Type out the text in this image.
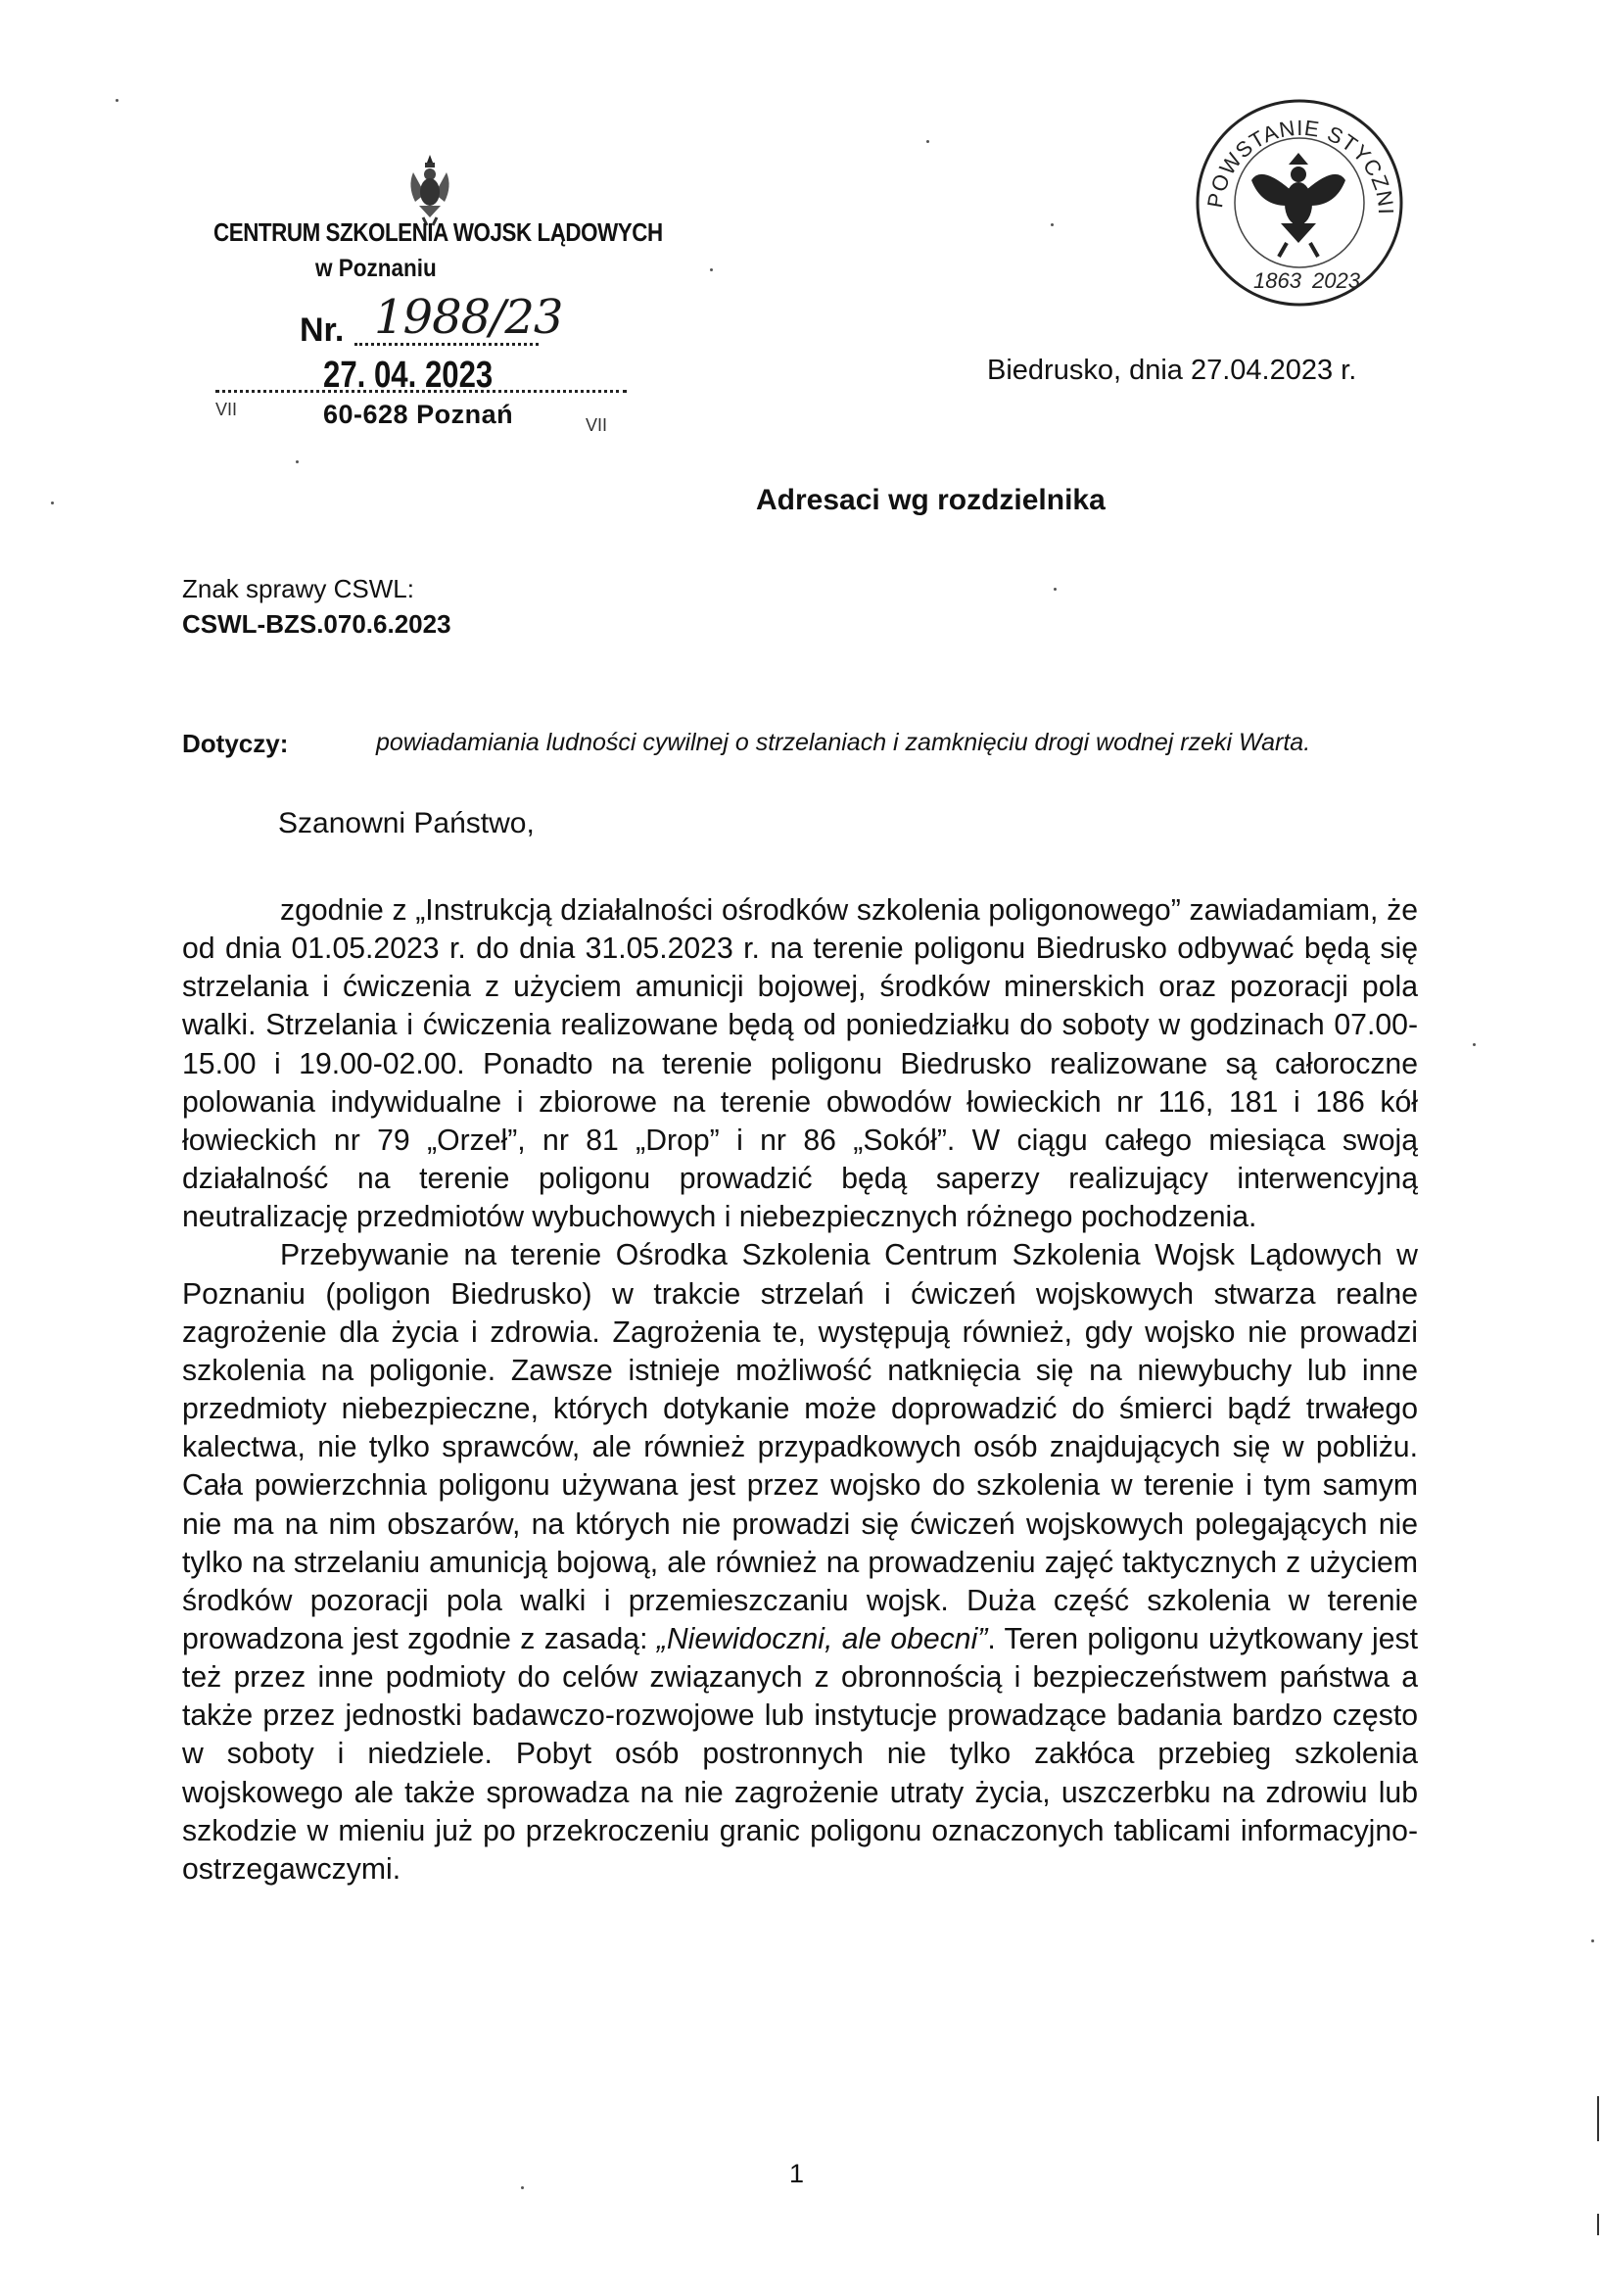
CENTRUM SZKOLENIA WOJSK LĄDOWYCH
w Poznaniu
Nr. 1988/23
27. 04. 2023
VII	60-628 Poznań	VII
POWSTANIE STYCZNI
1863 2023
Biedrusko, dnia 27.04.2023 r.
Adresaci wg rozdzielnika
Znak sprawy CSWL:
CSWL-BZS.070.6.2023
Dotyczy:	powiadamiania ludności cywilnej o strzelaniach i zamknięciu drogi wodnej rzeki Warta.
Szanowni Państwo,

zgodnie z „Instrukcją działalności ośrodków szkolenia poligonowego” zawiadamiam, że od dnia 01.05.2023 r. do dnia 31.05.2023 r. na terenie poligonu Biedrusko odbywać będą się strzelania i ćwiczenia z użyciem amunicji bojowej, środków minerskich oraz pozoracji pola walki. Strzelania i ćwiczenia realizowane będą od poniedziałku do soboty w godzinach 07.00-15.00 i 19.00-02.00. Ponadto na terenie poligonu Biedrusko realizowane są całoroczne polowania indywidualne i zbiorowe na terenie obwodów łowieckich nr 116, 181 i 186 kół łowieckich nr 79 „Orzeł”, nr 81 „Drop” i nr 86 „Sokół”. W ciągu całego miesiąca swoją działalność na terenie poligonu prowadzić będą saperzy realizujący interwencyjną neutralizację przedmiotów wybuchowych i niebezpiecznych różnego pochodzenia.

Przebywanie na terenie Ośrodka Szkolenia Centrum Szkolenia Wojsk Lądowych w Poznaniu (poligon Biedrusko) w trakcie strzelań i ćwiczeń wojskowych stwarza realne zagrożenie dla życia i zdrowia. Zagrożenia te, występują również, gdy wojsko nie prowadzi szkolenia na poligonie. Zawsze istnieje możliwość natknięcia się na niewybuchy lub inne przedmioty niebezpieczne, których dotykanie może doprowadzić do śmierci bądź trwałego kalectwa, nie tylko sprawców, ale również przypadkowych osób znajdujących się w pobliżu. Cała powierzchnia poligonu używana jest przez wojsko do szkolenia w terenie i tym samym nie ma na nim obszarów, na których nie prowadzi się ćwiczeń wojskowych polegających nie tylko na strzelaniu amunicją bojową, ale również na prowadzeniu zajęć taktycznych z użyciem środków pozoracji pola walki i przemieszczaniu wojsk. Duża część szkolenia w terenie prowadzona jest zgodnie z zasadą: „Niewidoczni, ale obecni”. Teren poligonu użytkowany jest też przez inne podmioty do celów związanych z obronnością i bezpieczeństwem państwa a także przez jednostki badawczo-rozwojowe lub instytucje prowadzące badania bardzo często w soboty i niedziele. Pobyt osób postronnych nie tylko zakłóca przebieg szkolenia wojskowego ale także sprowadza na nie zagrożenie utraty życia, uszczerbku na zdrowiu lub szkodzie w mieniu już po przekroczeniu granic poligonu oznaczonych tablicami informacyjno-ostrzegawczymi.

1
